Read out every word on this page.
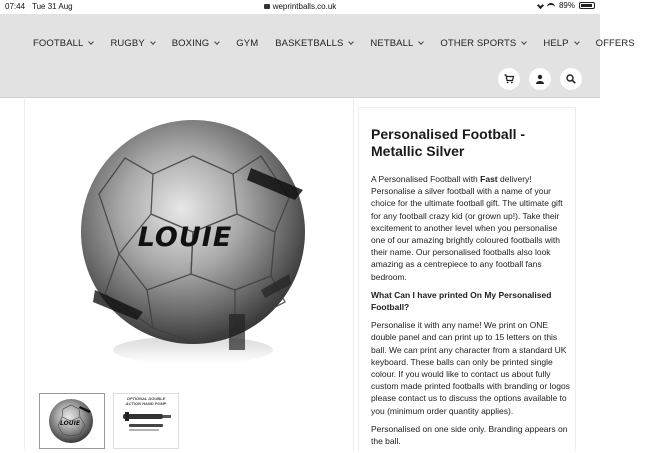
07:44 Tue 31 Aug	weprintballs.co.uk	89%
FOOTBALL	RUGBY	BOXING	GYM BASKETBALLS	NETBALL	OTHER SPORTS	HELP	OFFERS
LOUIE
LOUIE
OPTIONAL DOUBLE ACTION HAND PUMP
Personalised Football - Metallic Silver

A Personalised Football with Fast delivery! Personalise a silver football with a name of your choice for the ultimate football gift. The ultimate gift for any football crazy kid (or grown up!). Take their excitement to another level when you personalise one of our amazing brightly coloured footballs with their name. Our personalised footballs also look amazing as a centrepiece to any football fans bedroom.

What Can I have printed On My Personalised Football?

Personalise it with any name! We print on ONE double panel and can print up to 15 letters on this ball. We can print any character from a standard UK keyboard. These balls can only be printed single colour. If you would like to contact us about fully custom made printed footballs with branding or logos please contact us to discuss the options available to you (minimum order quantity applies).

Personalised on one side only. Branding appears on the ball.
